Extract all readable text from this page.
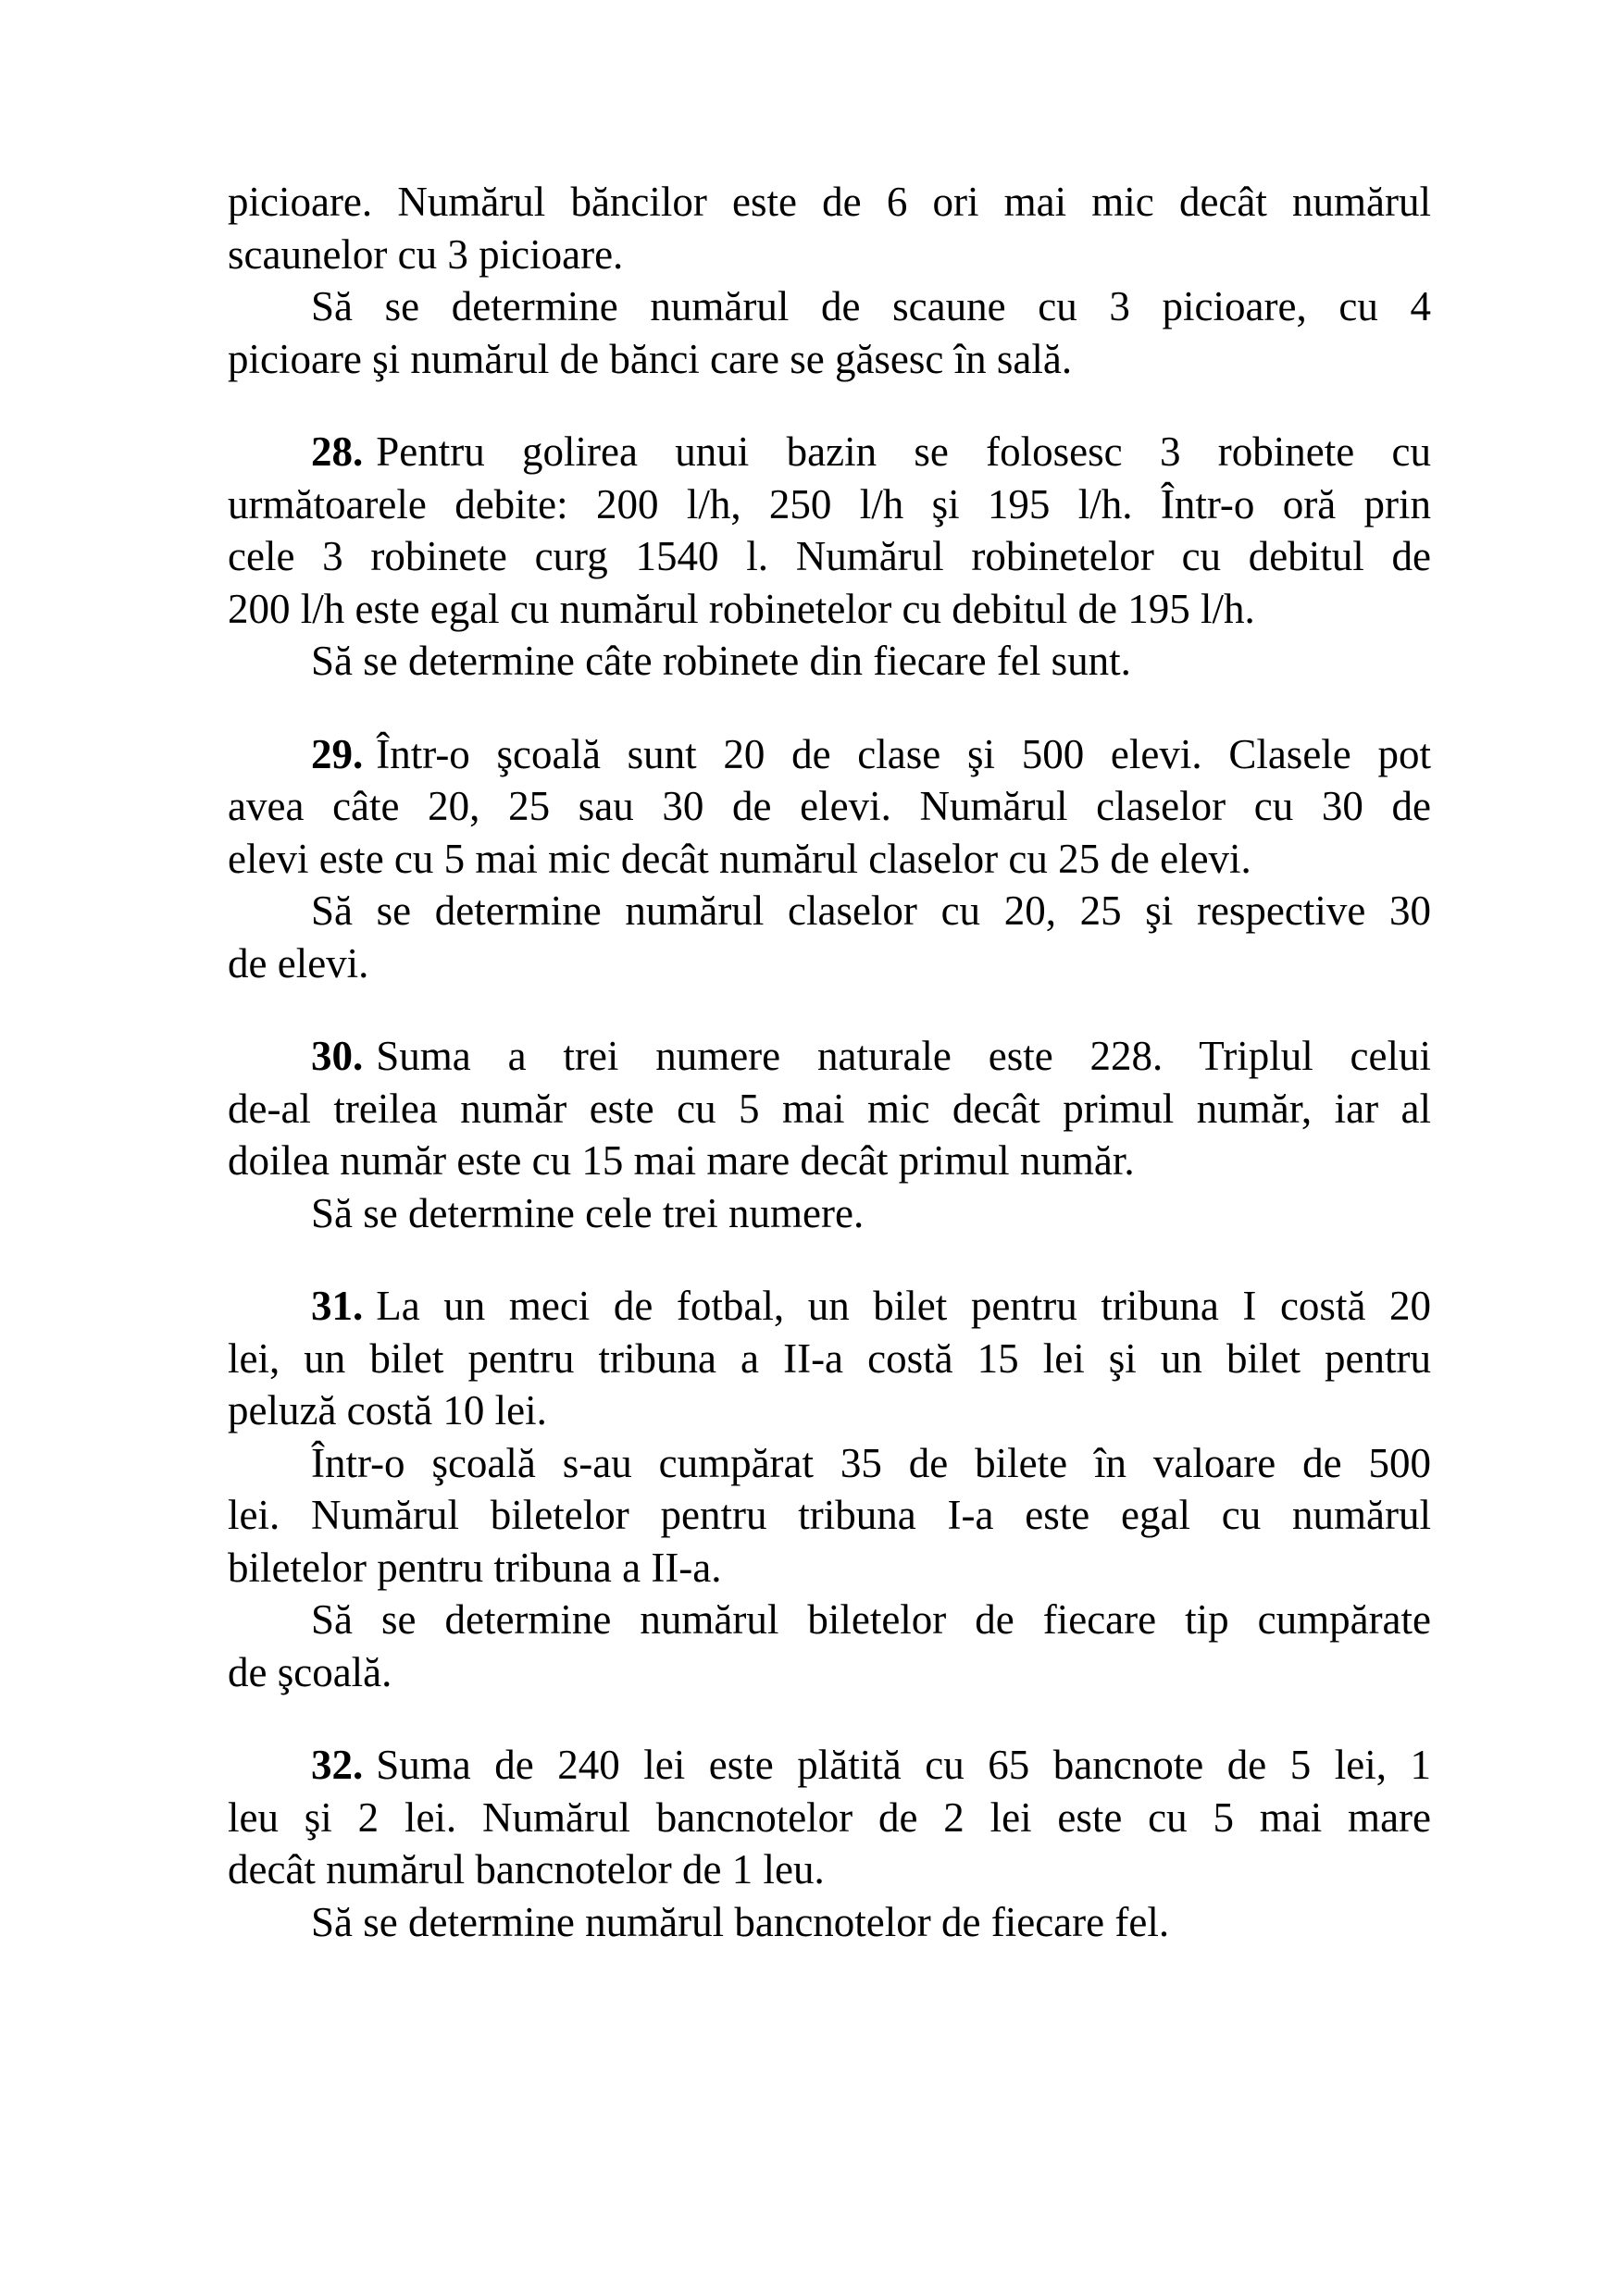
picioare. Numărul băncilor este de 6 ori mai mic decât numărul
scaunelor cu 3 picioare.
Să se determine numărul de scaune cu 3 picioare, cu 4
picioare şi numărul de bănci care se găsesc în sală.
28. Pentru golirea unui bazin se folosesc 3 robinete cu
următoarele debite: 200 l/h, 250 l/h şi 195 l/h. Într-o oră prin
cele 3 robinete curg 1540 l. Numărul robinetelor cu debitul de
200 l/h este egal cu numărul robinetelor cu debitul de 195 l/h.
Să se determine câte robinete din fiecare fel sunt.
29. Într-o şcoală sunt 20 de clase şi 500 elevi. Clasele pot
avea câte 20, 25 sau 30 de elevi. Numărul claselor cu 30 de
elevi este cu 5 mai mic decât numărul claselor cu 25 de elevi.
Să se determine numărul claselor cu 20, 25 şi respective 30
de elevi.
30. Suma a trei numere naturale este 228. Triplul celui
de-al treilea număr este cu 5 mai mic decât primul număr, iar al
doilea număr este cu 15 mai mare decât primul număr.
Să se determine cele trei numere.
31. La un meci de fotbal, un bilet pentru tribuna I costă 20
lei, un bilet pentru tribuna a II-a costă 15 lei şi un bilet pentru
peluză costă 10 lei.
Într-o şcoală s-au cumpărat 35 de bilete în valoare de 500
lei. Numărul biletelor pentru tribuna I-a este egal cu numărul
biletelor pentru tribuna a II-a.
Să se determine numărul biletelor de fiecare tip cumpărate
de şcoală.
32. Suma de 240 lei este plătită cu 65 bancnote de 5 lei, 1
leu şi 2 lei. Numărul bancnotelor de 2 lei este cu 5 mai mare
decât numărul bancnotelor de 1 leu.
Să se determine numărul bancnotelor de fiecare fel.
